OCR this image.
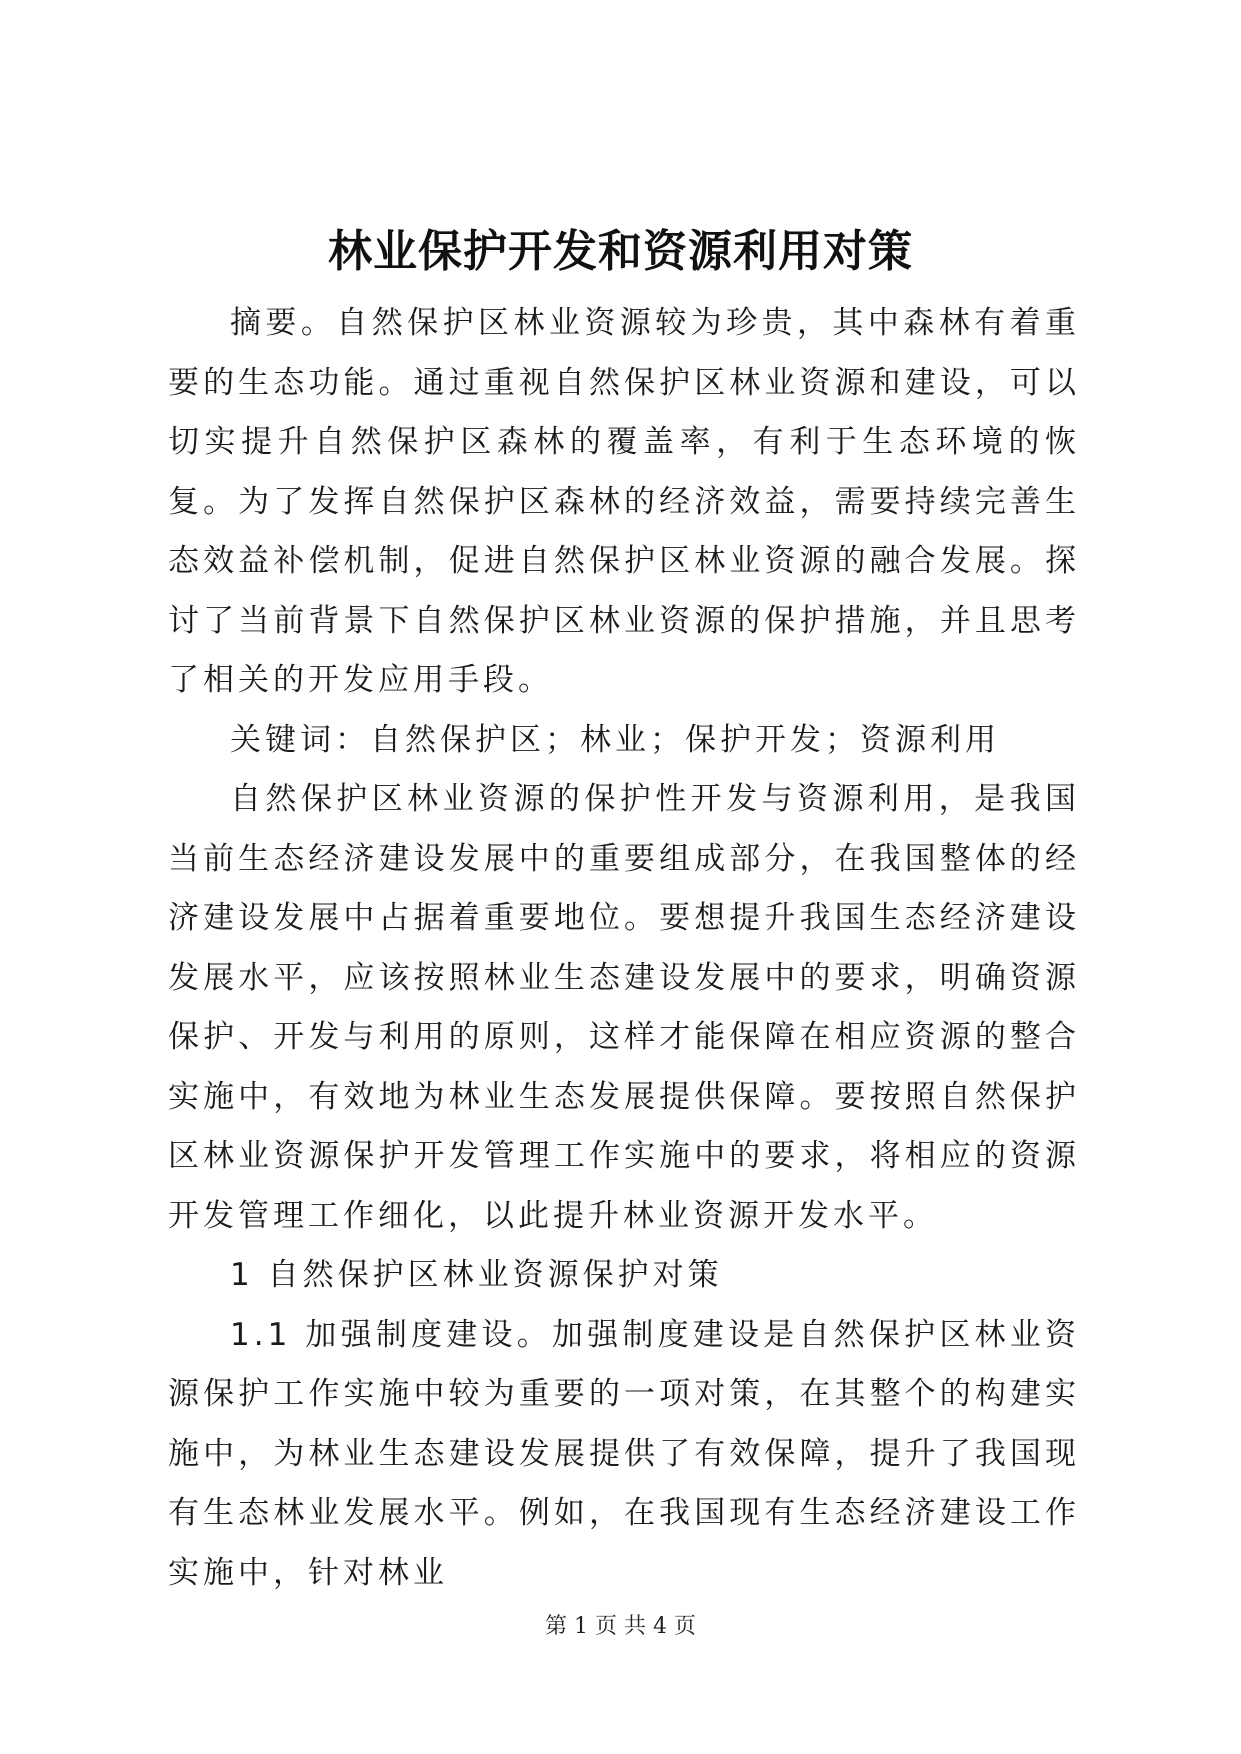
林业保护开发和资源利用对策

摘要。自然保护区林业资源较为珍贵，其中森林有着重要的生态功能。通过重视自然保护区林业资源和建设，可以切实提升自然保护区森林的覆盖率，有利于生态环境的恢复。为了发挥自然保护区森林的经济效益，需要持续完善生态效益补偿机制，促进自然保护区林业资源的融合发展。探讨了当前背景下自然保护区林业资源的保护措施，并且思考了相关的开发应用手段。

关键词：自然保护区；林业；保护开发；资源利用

自然保护区林业资源的保护性开发与资源利用，是我国当前生态经济建设发展中的重要组成部分，在我国整体的经济建设发展中占据着重要地位。要想提升我国生态经济建设发展水平，应该按照林业生态建设发展中的要求，明确资源保护、开发与利用的原则，这样才能保障在相应资源的整合实施中，有效地为林业生态发展提供保障。要按照自然保护区林业资源保护开发管理工作实施中的要求，将相应的资源开发管理工作细化，以此提升林业资源开发水平。

1 自然保护区林业资源保护对策

1.1 加强制度建设。加强制度建设是自然保护区林业资源保护工作实施中较为重要的一项对策，在其整个的构建实施中，为林业生态建设发展提供了有效保障，提升了我国现有生态林业发展水平。例如，在我国现有生态经济建设工作实施中，针对林业

第 1 页 共 4 页
